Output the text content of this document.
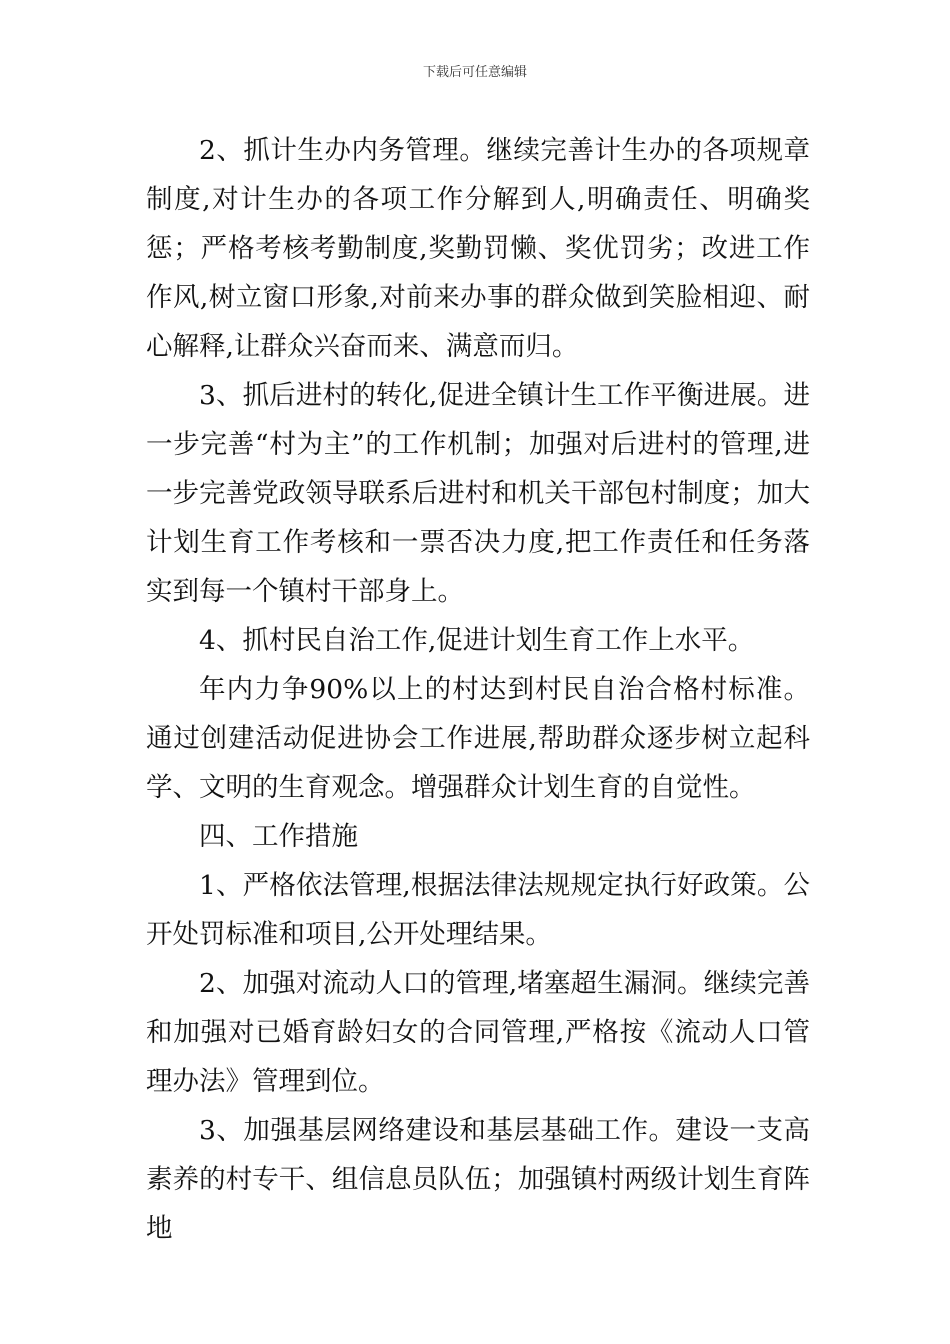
下载后可任意编辑

2、抓计生办内务管理。继续完善计生办的各项规章制度,对计生办的各项工作分解到人,明确责任、明确奖惩；严格考核考勤制度,奖勤罚懒、奖优罚劣；改进工作作风,树立窗口形象,对前来办事的群众做到笑脸相迎、耐心解释,让群众兴奋而来、满意而归。

3、抓后进村的转化,促进全镇计生工作平衡进展。进一步完善“村为主”的工作机制；加强对后进村的管理,进一步完善党政领导联系后进村和机关干部包村制度；加大计划生育工作考核和一票否决力度,把工作责任和任务落实到每一个镇村干部身上。

4、抓村民自治工作,促进计划生育工作上水平。

年内力争90%以上的村达到村民自治合格村标准。通过创建活动促进协会工作进展,帮助群众逐步树立起科学、文明的生育观念。增强群众计划生育的自觉性。

四、工作措施

1、严格依法管理,根据法律法规规定执行好政策。公开处罚标准和项目,公开处理结果。

2、加强对流动人口的管理,堵塞超生漏洞。继续完善和加强对已婚育龄妇女的合同管理,严格按《流动人口管理办法》管理到位。

3、加强基层网络建设和基层基础工作。建设一支高素养的村专干、组信息员队伍；加强镇村两级计划生育阵地
